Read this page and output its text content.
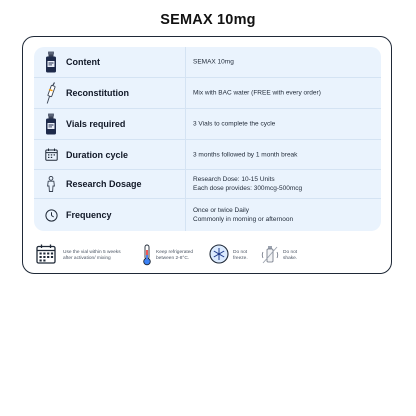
SEMAX 10mg
Content	SEMAX 10mg
Reconstitution	Mix with BAC water (FREE with every order)
Vials required	3 Vials to complete the cycle
Duration cycle	3 months followed by 1 month break
Research Dosage	Research Dose: 10-15 Units
Each dose provides: 300mcg-500mcg
Frequency	Once or twice Daily
Commonly in morning or afternoon
Use the vial within 5 weeks
after activation/ mixing
Keep refrigerated
between 2-8°C.
Do not
freeze.
Do not
shake.
